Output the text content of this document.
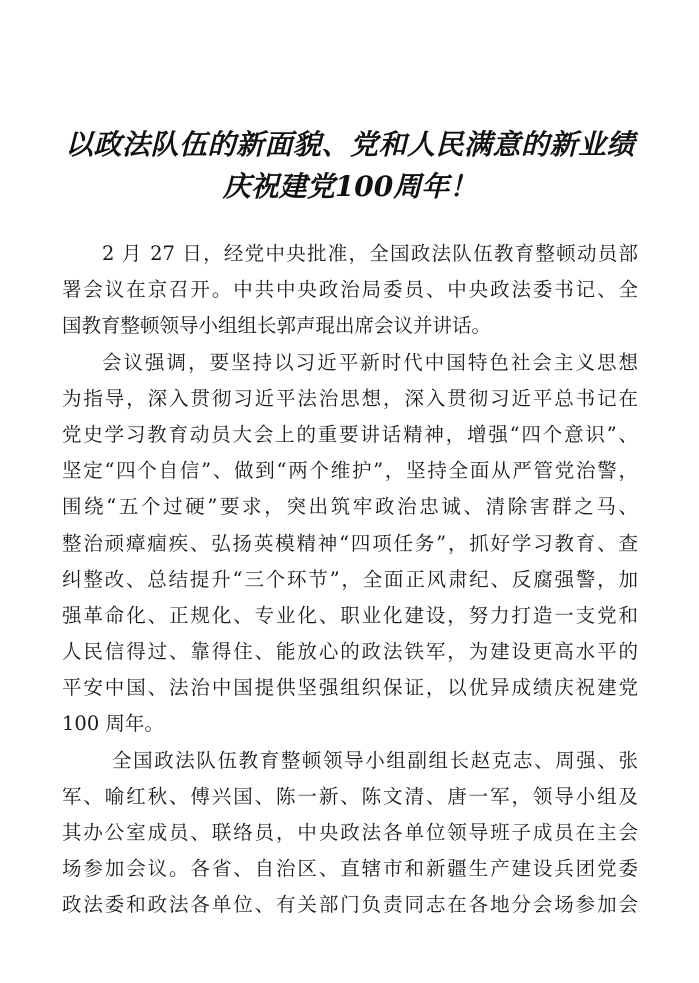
以政法队伍的新面貌、党和人民满意的新业绩
庆祝建党100周年！
2 月 27 日，经党中央批准，全国政法队伍教育整顿动员部
署会议在京召开。中共中央政治局委员、中央政法委书记、全
国教育整顿领导小组组长郭声琨出席会议并讲话。
会议强调，要坚持以习近平新时代中国特色社会主义思想
为指导，深入贯彻习近平法治思想，深入贯彻习近平总书记在
党史学习教育动员大会上的重要讲话精神，增强“四个意识”、
坚定“四个自信”、做到“两个维护”，坚持全面从严管党治警，
围绕“五个过硬”要求，突出筑牢政治忠诚、清除害群之马、
整治顽瘴痼疾、弘扬英模精神“四项任务”，抓好学习教育、查
纠整改、总结提升“三个环节”，全面正风肃纪、反腐强警，加
强革命化、正规化、专业化、职业化建设，努力打造一支党和
人民信得过、靠得住、能放心的政法铁军，为建设更高水平的
平安中国、法治中国提供坚强组织保证，以优异成绩庆祝建党
100 周年。
全国政法队伍教育整顿领导小组副组长赵克志、周强、张
军、喻红秋、傅兴国、陈一新、陈文清、唐一军，领导小组及
其办公室成员、联络员，中央政法各单位领导班子成员在主会
场参加会议。各省、自治区、直辖市和新疆生产建设兵团党委
政法委和政法各单位、有关部门负责同志在各地分会场参加会
